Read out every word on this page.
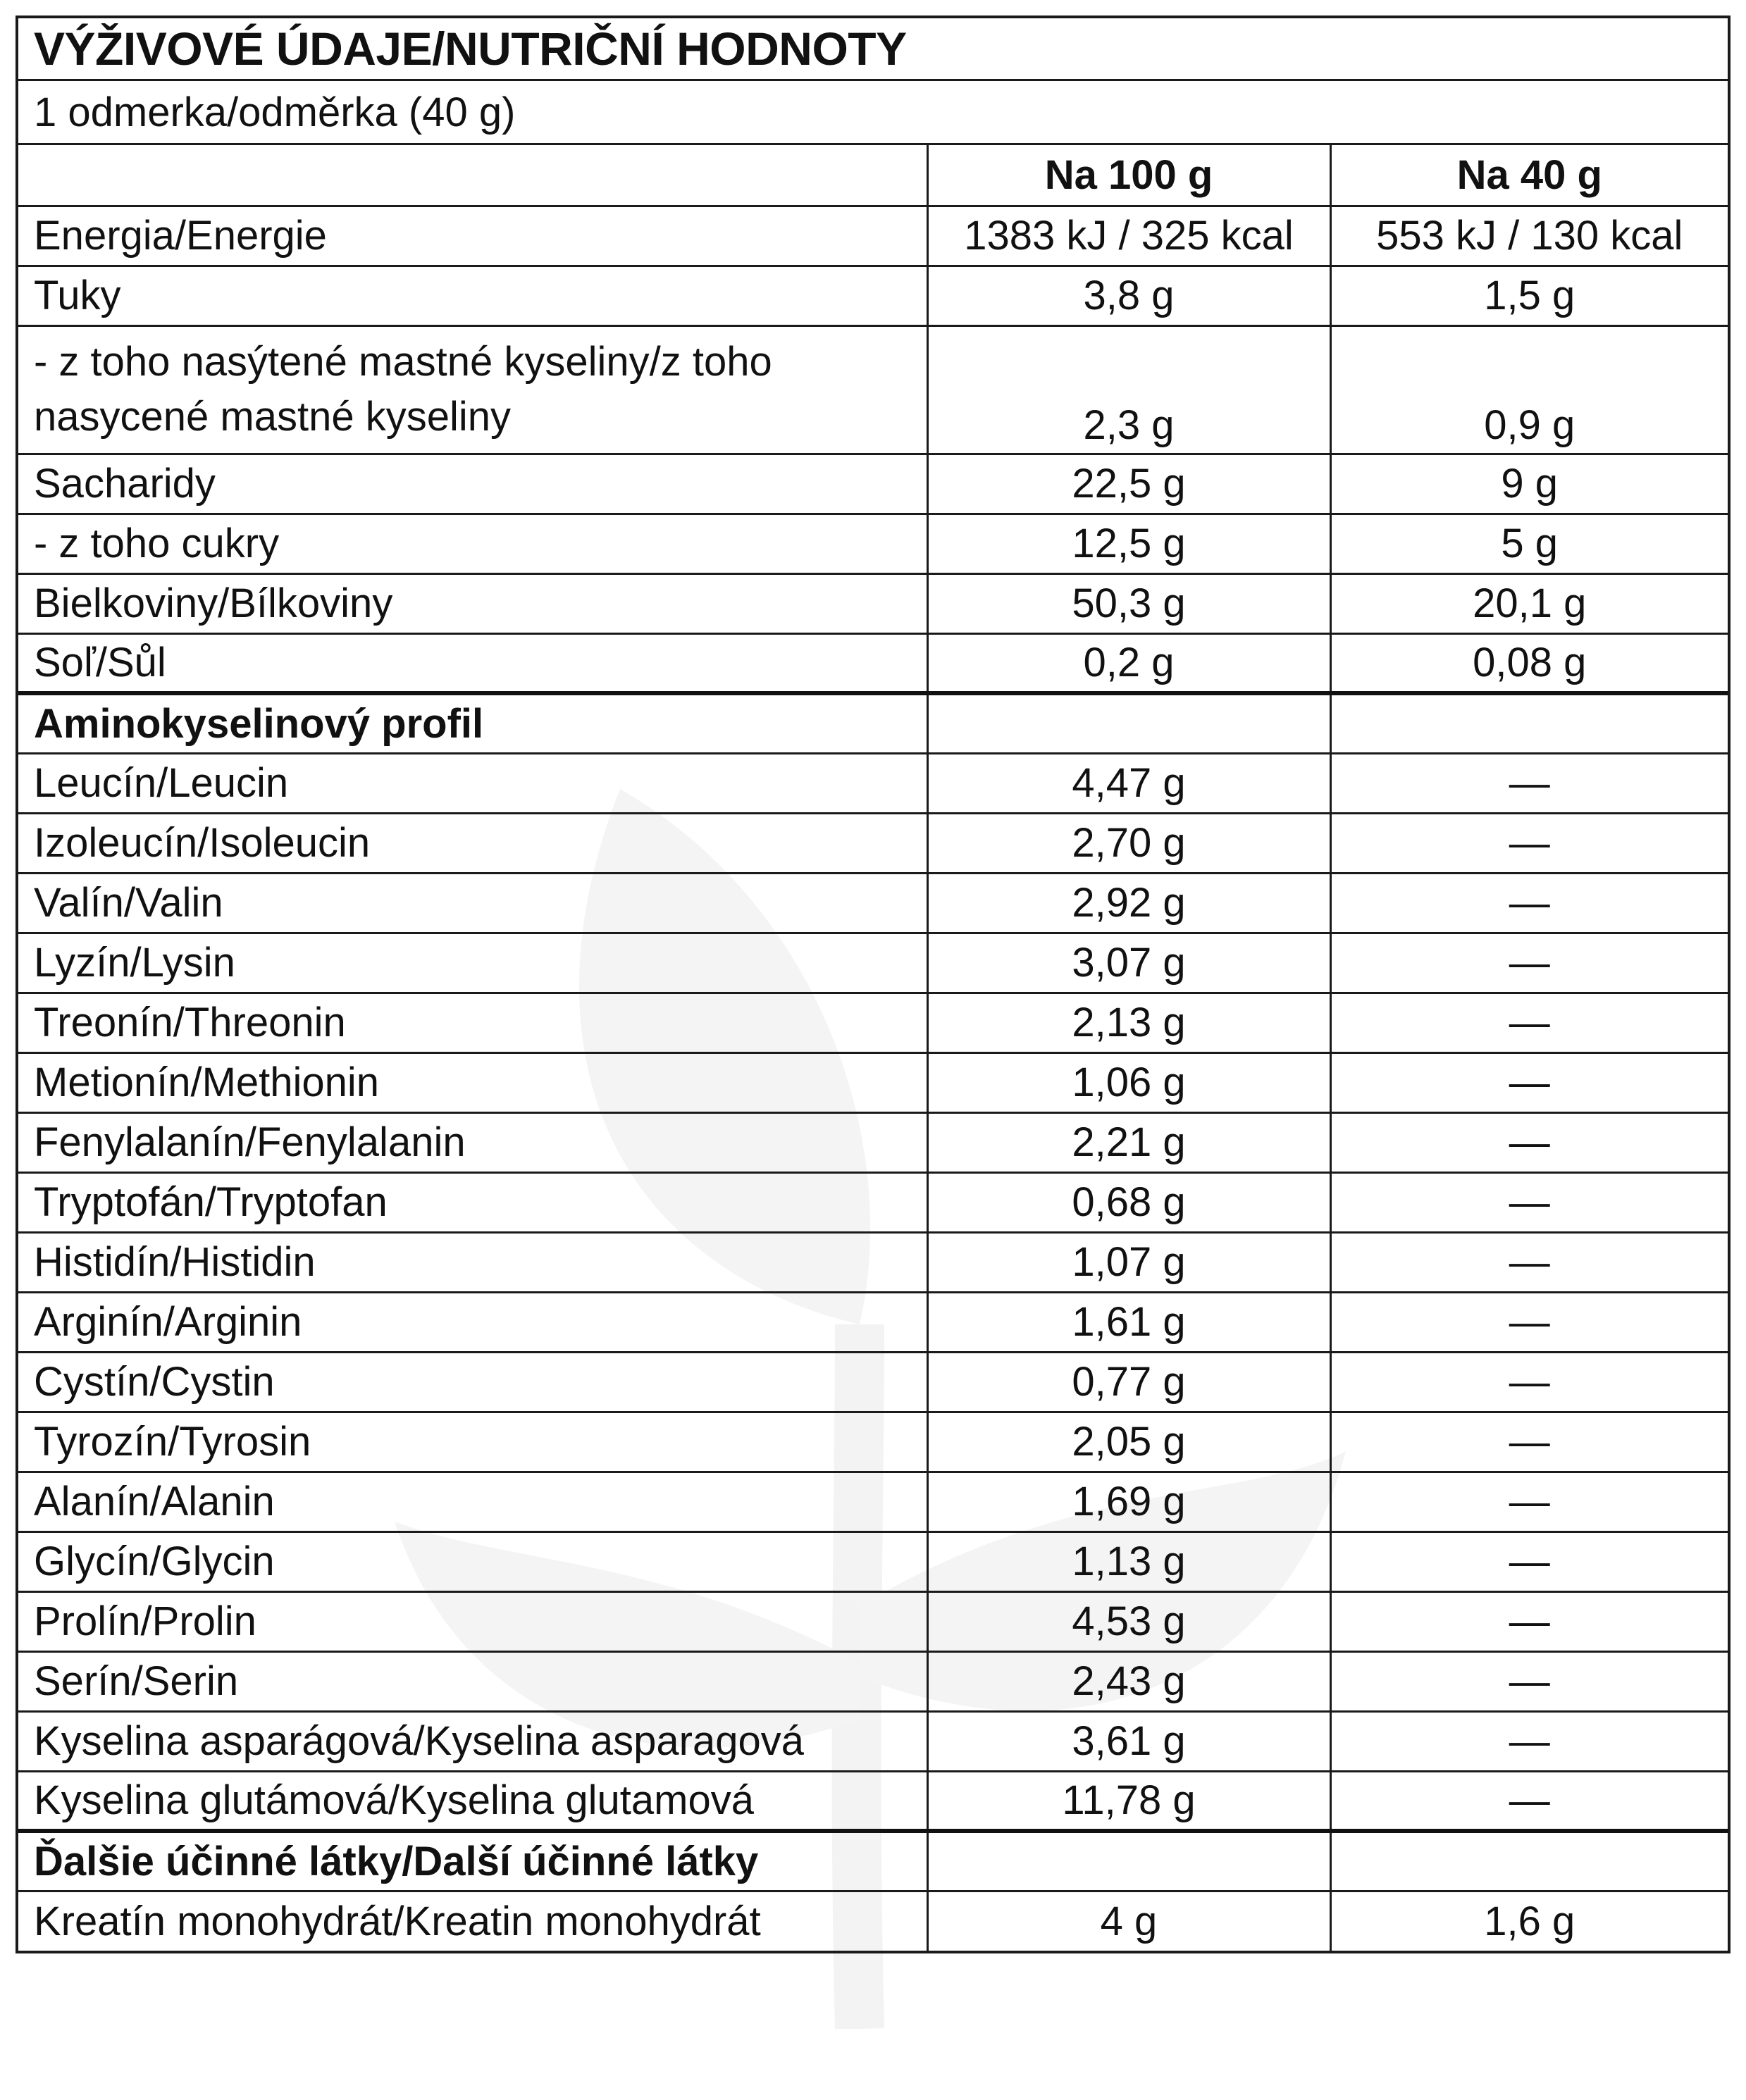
VÝŽIVOVÉ ÚDAJE/NUTRIČNÍ HODNOTY
1 odmerka/odměrka (40 g)
	Na 100 g	Na 40 g
Energia/Energie	1383 kJ / 325 kcal	553 kJ / 130 kcal
Tuky	3,8 g	1,5 g
- z toho nasýtené mastné kyseliny/z toho nasycené mastné kyseliny	2,3 g	0,9 g
Sacharidy	22,5 g	9 g
- z toho cukry	12,5 g	5 g
Bielkoviny/Bílkoviny	50,3 g	20,1 g
Soľ/Sůl	0,2 g	0,08 g
Aminokyselinový profil		
Leucín/Leucin	4,47 g	—
Izoleucín/Isoleucin	2,70 g	—
Valín/Valin	2,92 g	—
Lyzín/Lysin	3,07 g	—
Treonín/Threonin	2,13 g	—
Metionín/Methionin	1,06 g	—
Fenylalanín/Fenylalanin	2,21 g	—
Tryptofán/Tryptofan	0,68 g	—
Histidín/Histidin	1,07 g	—
Arginín/Arginin	1,61 g	—
Cystín/Cystin	0,77 g	—
Tyrozín/Tyrosin	2,05 g	—
Alanín/Alanin	1,69 g	—
Glycín/Glycin	1,13 g	—
Prolín/Prolin	4,53 g	—
Serín/Serin	2,43 g	—
Kyselina asparágová/Kyselina asparagová	3,61 g	—
Kyselina glutámová/Kyselina glutamová	11,78 g	—
Ďalšie účinné látky/Další účinné látky		
Kreatín monohydrát/Kreatin monohydrát	4 g	1,6 g
